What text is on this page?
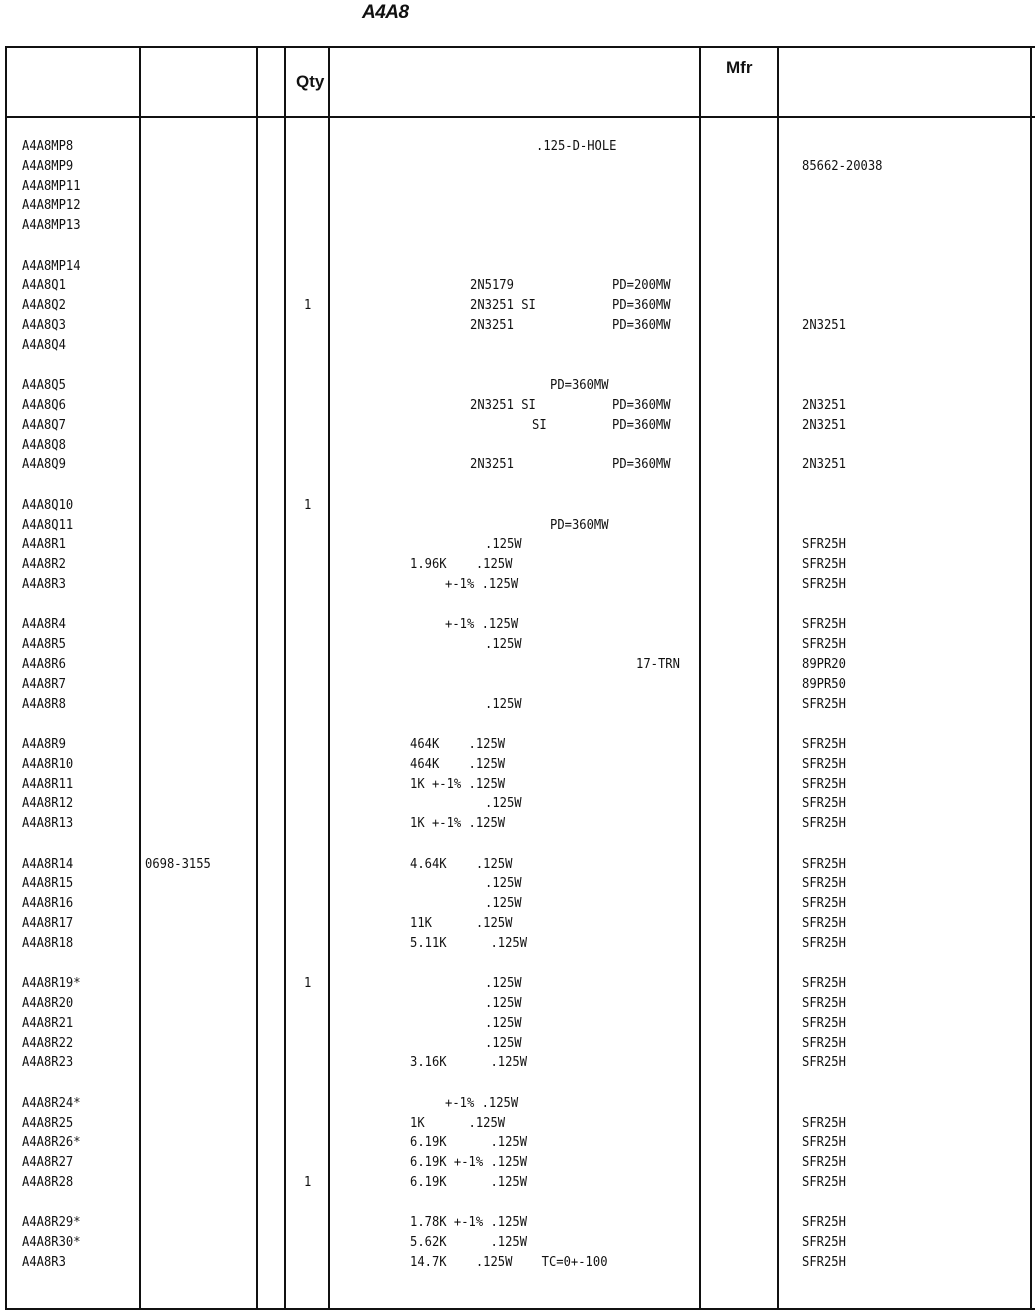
A4A8
Qty
Mfr
A4A8MP8	.125-D-HOLE
A4A8MP9	85662-20038
A4A8MP11
A4A8MP12
A4A8MP13
A4A8MP14
A4A8Q1	2N5179	PD=200MW
A4A8Q2	1	2N3251 SI	PD=360MW
A4A8Q3	2N3251	PD=360MW	2N3251
A4A8Q4
A4A8Q5	PD=360MW
A4A8Q6	2N3251 SI	PD=360MW	2N3251
A4A8Q7	SI	PD=360MW	2N3251
A4A8Q8
A4A8Q9	2N3251	PD=360MW	2N3251
A4A8Q10	1
A4A8Q11	PD=360MW
A4A8R1	.125W	SFR25H
A4A8R2	1.96K    .125W	SFR25H
A4A8R3	+-1% .125W	SFR25H
A4A8R4	+-1% .125W	SFR25H
A4A8R5	.125W	SFR25H
A4A8R6	17-TRN	89PR20
A4A8R7	89PR50
A4A8R8	.125W	SFR25H
A4A8R9	464K    .125W	SFR25H
A4A8R10	464K    .125W	SFR25H
A4A8R11	1K +-1% .125W	SFR25H
A4A8R12	.125W	SFR25H
A4A8R13	1K +-1% .125W	SFR25H
A4A8R14	0698-3155	4.64K    .125W	SFR25H
A4A8R15	.125W	SFR25H
A4A8R16	.125W	SFR25H
A4A8R17	11K      .125W	SFR25H
A4A8R18	5.11K      .125W	SFR25H
A4A8R19*	1	.125W	SFR25H
A4A8R20	.125W	SFR25H
A4A8R21	.125W	SFR25H
A4A8R22	.125W	SFR25H
A4A8R23	3.16K      .125W	SFR25H
A4A8R24*	+-1% .125W
A4A8R25	1K      .125W	SFR25H
A4A8R26*	6.19K      .125W	SFR25H
A4A8R27	6.19K +-1% .125W	SFR25H
A4A8R28	1	6.19K      .125W	SFR25H
A4A8R29*	1.78K +-1% .125W	SFR25H
A4A8R30*	5.62K      .125W	SFR25H
A4A8R3	14.7K    .125W    TC=0+-100	SFR25H
